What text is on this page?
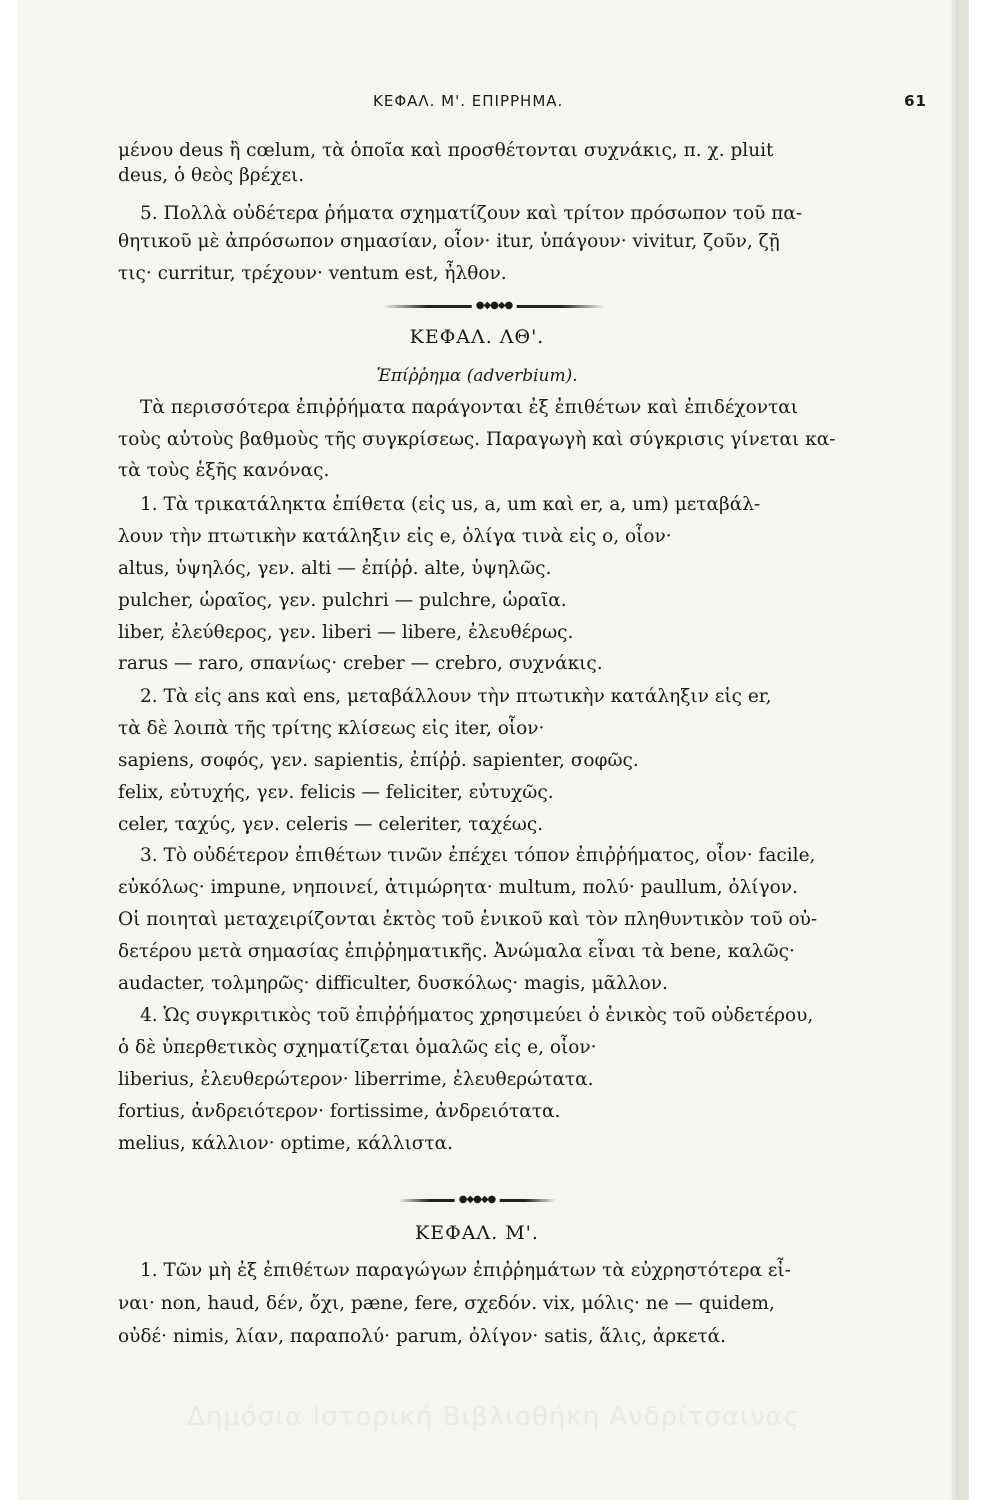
ΚΕΦΑΛ. Μ'. ΕΠΙΡΡΗΜΑ.	61
μένου deus ἢ cœlum, τὰ ὁποῖα καὶ προσθέτονται συχνάκις, π. χ. pluit
deus, ὁ θεὸς βρέχει.
5. Πολλὰ οὐδέτερα ῥήματα σχηματίζουν καὶ τρίτον πρόσωπον τοῦ πα-
θητικοῦ μὲ ἀπρόσωπον σημασίαν, οἷον· itur, ὑπάγουν· vivitur, ζοῦν, ζῇ
τις· curritur, τρέχουν· ventum est, ἦλθον.
●◆●◆●
ΚΕΦΑΛ. ΛΘ'.
Ἐπίῤῥημα (adverbium).
Τὰ περισσότερα ἐπιῤῥήματα παράγονται ἐξ ἐπιθέτων καὶ ἐπιδέχονται
τοὺς αὐτοὺς βαθμοὺς τῆς συγκρίσεως. Παραγωγὴ καὶ σύγκρισις γίνεται κα-
τὰ τοὺς ἑξῆς κανόνας.
1. Τὰ τρικατάληκτα ἐπίθετα (εἰς us, a, um καὶ er, a, um) μεταβάλ-
λουν τὴν πτωτικὴν κατάληξιν εἰς e, ὀλίγα τινὰ εἰς o, οἷον·
altus, ὑψηλός, γεν. alti — ἐπίῤῥ. alte, ὑψηλῶς.
pulcher, ὡραῖος, γεν. pulchri — pulchre, ὡραῖα.
liber, ἐλεύθερος, γεν. liberi — libere, ἐλευθέρως.
rarus — raro, σπανίως· creber — crebro, συχνάκις.
2. Τὰ εἰς ans καὶ ens, μεταβάλλουν τὴν πτωτικὴν κατάληξιν εἰς er,
τὰ δὲ λοιπὰ τῆς τρίτης κλίσεως εἰς iter, οἷον·
sapiens, σοφός, γεν. sapientis, ἐπίῤῥ. sapienter, σοφῶς.
felix, εὐτυχής, γεν. felicis — feliciter, εὐτυχῶς.
celer, ταχύς, γεν. celeris — celeriter, ταχέως.
3. Τὸ οὐδέτερον ἐπιθέτων τινῶν ἐπέχει τόπον ἐπιῤῥήματος, οἷον· facile,
εὐκόλως· impune, νηποινεί, ἀτιμώρητα· multum, πολύ· paullum, ὀλίγον.
Οἱ ποιηταὶ μεταχειρίζονται ἐκτὸς τοῦ ἑνικοῦ καὶ τὸν πληθυντικὸν τοῦ οὐ-
δετέρου μετὰ σημασίας ἐπιῤῥηματικῆς. Ἀνώμαλα εἶναι τὰ bene, καλῶς·
audacter, τολμηρῶς· difficulter, δυσκόλως· magis, μᾶλλον.
4. Ὡς συγκριτικὸς τοῦ ἐπιῤῥήματος χρησιμεύει ὁ ἑνικὸς τοῦ οὐδετέρου,
ὁ δὲ ὑπερθετικὸς σχηματίζεται ὁμαλῶς εἰς e, οἷον·
liberius, ἐλευθερώτερον· liberrime, ἐλευθερώτατα.
fortius, ἀνδρειότερον· fortissime, ἀνδρειότατα.
melius, κάλλιον· optime, κάλλιστα.
●◆●◆●
ΚΕΦΑΛ. Μ'.
1. Τῶν μὴ ἐξ ἐπιθέτων παραγώγων ἐπιῤῥημάτων τὰ εὐχρηστότερα εἶ-
ναι· non, haud, δέν, ὄχι, pæne, fere, σχεδόν. vix, μόλις· ne — quidem,
οὐδέ· nimis, λίαν, παραπολύ· parum, ὀλίγον· satis, ἅλις, ἀρκετά.
Δημόσια Ιστορική Βιβλιοθήκη Ανδρίτσαινας
